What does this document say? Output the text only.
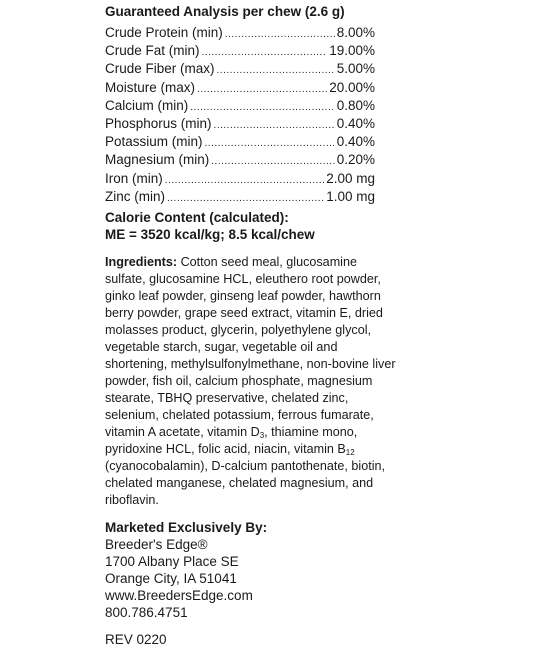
Guaranteed Analysis per chew (2.6 g)
Crude Protein (min) .....	8.00%
Crude Fat (min) .....	19.00%
Crude Fiber (max) .....	5.00%
Moisture (max) .....	20.00%
Calcium (min) .....	0.80%
Phosphorus (min) .....	0.40%
Potassium (min) .....	0.40%
Magnesium (min) .....	0.20%
Iron (min) .....	2.00 mg
Zinc (min) .....	1.00 mg
Calorie Content (calculated):
ME = 3520 kcal/kg; 8.5 kcal/chew
Ingredients: Cotton seed meal, glucosamine sulfate, glucosamine HCL, eleuthero root powder, ginko leaf powder, ginseng leaf powder, hawthorn berry powder, grape seed extract, vitamin E, dried molasses product, glycerin, polyethylene glycol, vegetable starch, sugar, vegetable oil and shortening, methylsulfonylmethane, non-bovine liver powder, fish oil, calcium phosphate, magnesium stearate, TBHQ preservative, chelated zinc, selenium, chelated potassium, ferrous fumarate, vitamin A acetate, vitamin $D_3$, thiamine mono, pyridoxine HCL, folic acid, niacin, vitamin $B_{12}$ (cyanocobalamin), D-calcium pantothenate, biotin, chelated manganese, chelated magnesium, and riboflavin.
Marketed Exclusively By:
Breeder's Edge®
1700 Albany Place SE
Orange City, IA 51041
www.BreedersEdge.com
800.786.4751
REV 0220
